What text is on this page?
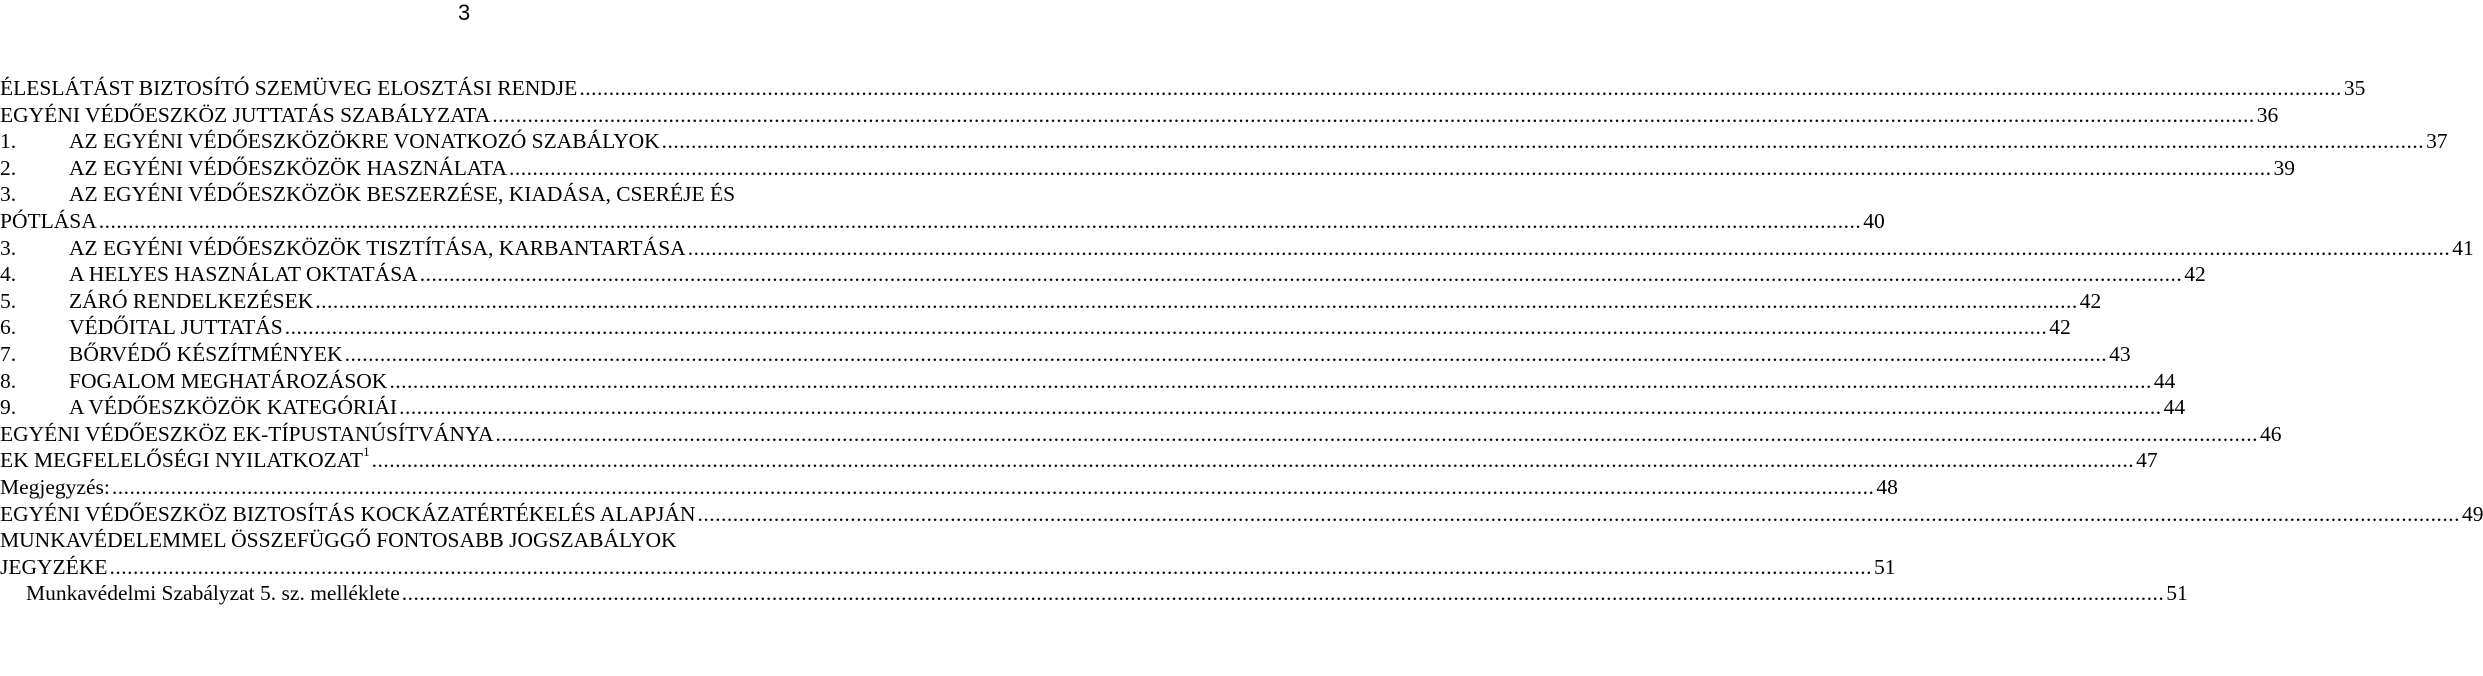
3
ÉLESLÁTÁST BIZTOSÍTÓ SZEMÜVEG ELOSZTÁSI RENDJE ............................................................................................................................................................................................................................................................................................................ 35
EGYÉNI VÉDŐESZKÖZ JUTTATÁS SZABÁLYZATA ............................................................................................................................................................................................................................................................................................................ 36
1.	AZ EGYÉNI VÉDŐESZKÖZÖKRE VONATKOZÓ SZABÁLYOK ............................................................................................................................................................................................................................................................................................................ 37
2.	AZ EGYÉNI VÉDŐESZKÖZÖK HASZNÁLATA ............................................................................................................................................................................................................................................................................................................ 39
3.	AZ EGYÉNI VÉDŐESZKÖZÖK BESZERZÉSE, KIADÁSA, CSERÉJE ÉS
PÓTLÁSA ............................................................................................................................................................................................................................................................................................................ 40
3.	AZ EGYÉNI VÉDŐESZKÖZÖK TISZTÍTÁSA, KARBANTARTÁSA ............................................................................................................................................................................................................................................................................................................ 41
4.	A HELYES HASZNÁLAT OKTATÁSA ............................................................................................................................................................................................................................................................................................................ 42
5.	ZÁRÓ RENDELKEZÉSEK ............................................................................................................................................................................................................................................................................................................ 42
6.	VÉDŐITAL JUTTATÁS ............................................................................................................................................................................................................................................................................................................ 42
7.	BŐRVÉDŐ KÉSZÍTMÉNYEK ............................................................................................................................................................................................................................................................................................................ 43
8.	FOGALOM MEGHATÁROZÁSOK ............................................................................................................................................................................................................................................................................................................ 44
9.	A VÉDŐESZKÖZÖK KATEGÓRIÁI ............................................................................................................................................................................................................................................................................................................ 44
EGYÉNI VÉDŐESZKÖZ EK-TÍPUSTANÚSÍTVÁNYA ............................................................................................................................................................................................................................................................................................................ 46
EK MEGFELELŐSÉGI NYILATKOZAT$^1$ ............................................................................................................................................................................................................................................................................................................ 47
Megjegyzés: ............................................................................................................................................................................................................................................................................................................ 48
EGYÉNI VÉDŐESZKÖZ BIZTOSÍTÁS KOCKÁZATÉRTÉKELÉS ALAPJÁN ............................................................................................................................................................................................................................................................................................................ 49
MUNKAVÉDELEMMEL ÖSSZEFÜGGŐ FONTOSABB JOGSZABÁLYOK
JEGYZÉKE ............................................................................................................................................................................................................................................................................................................ 51
Munkavédelmi Szabályzat 5. sz. melléklete ............................................................................................................................................................................................................................................................................................................ 51
